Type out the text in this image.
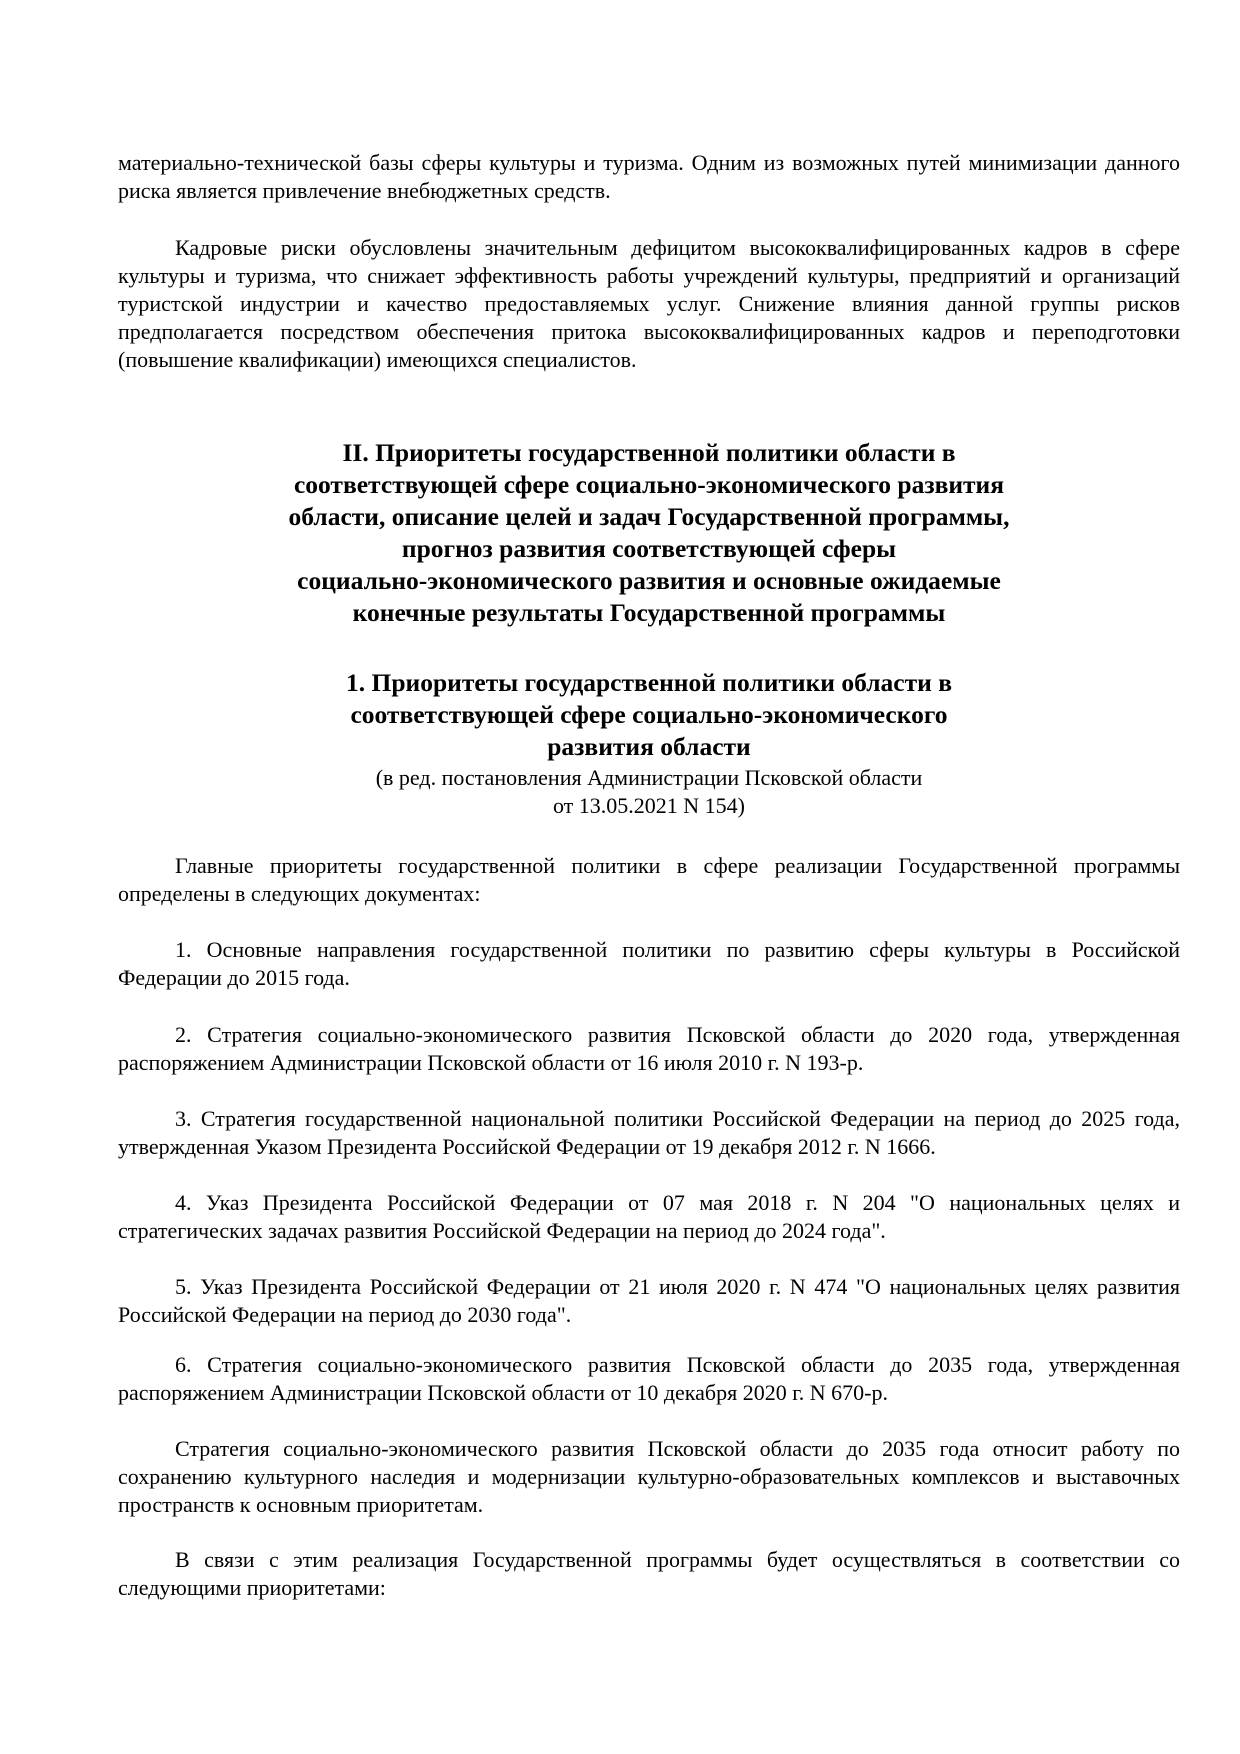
материально-технической базы сферы культуры и туризма. Одним из возможных путей минимизации данного риска является привлечение внебюджетных средств.

Кадровые риски обусловлены значительным дефицитом высококвалифицированных кадров в сфере культуры и туризма, что снижает эффективность работы учреждений культуры, предприятий и организаций туристской индустрии и качество предоставляемых услуг. Снижение влияния данной группы рисков предполагается посредством обеспечения притока высококвалифицированных кадров и переподготовки (повышение квалификации) имеющихся специалистов.

II. Приоритеты государственной политики области в
соответствующей сфере социально-экономического развития
области, описание целей и задач Государственной программы,
прогноз развития соответствующей сферы
социально-экономического развития и основные ожидаемые
конечные результаты Государственной программы
1. Приоритеты государственной политики области в
соответствующей сфере социально-экономического
развития области
(в ред. постановления Администрации Псковской области
от 13.05.2021 N 154)

Главные приоритеты государственной политики в сфере реализации Государственной программы определены в следующих документах:

1. Основные направления государственной политики по развитию сферы культуры в Российской Федерации до 2015 года.

2. Стратегия социально-экономического развития Псковской области до 2020 года, утвержденная распоряжением Администрации Псковской области от 16 июля 2010 г. N 193-р.

3. Стратегия государственной национальной политики Российской Федерации на период до 2025 года, утвержденная Указом Президента Российской Федерации от 19 декабря 2012 г. N 1666.

4. Указ Президента Российской Федерации от 07 мая 2018 г. N 204 "О национальных целях и стратегических задачах развития Российской Федерации на период до 2024 года".

5. Указ Президента Российской Федерации от 21 июля 2020 г. N 474 "О национальных целях развития Российской Федерации на период до 2030 года".

6. Стратегия социально-экономического развития Псковской области до 2035 года, утвержденная распоряжением Администрации Псковской области от 10 декабря 2020 г. N 670-р.

Стратегия социально-экономического развития Псковской области до 2035 года относит работу по сохранению культурного наследия и модернизации культурно-образовательных комплексов и выставочных пространств к основным приоритетам.

В связи с этим реализация Государственной программы будет осуществляться в соответствии со следующими приоритетами:
